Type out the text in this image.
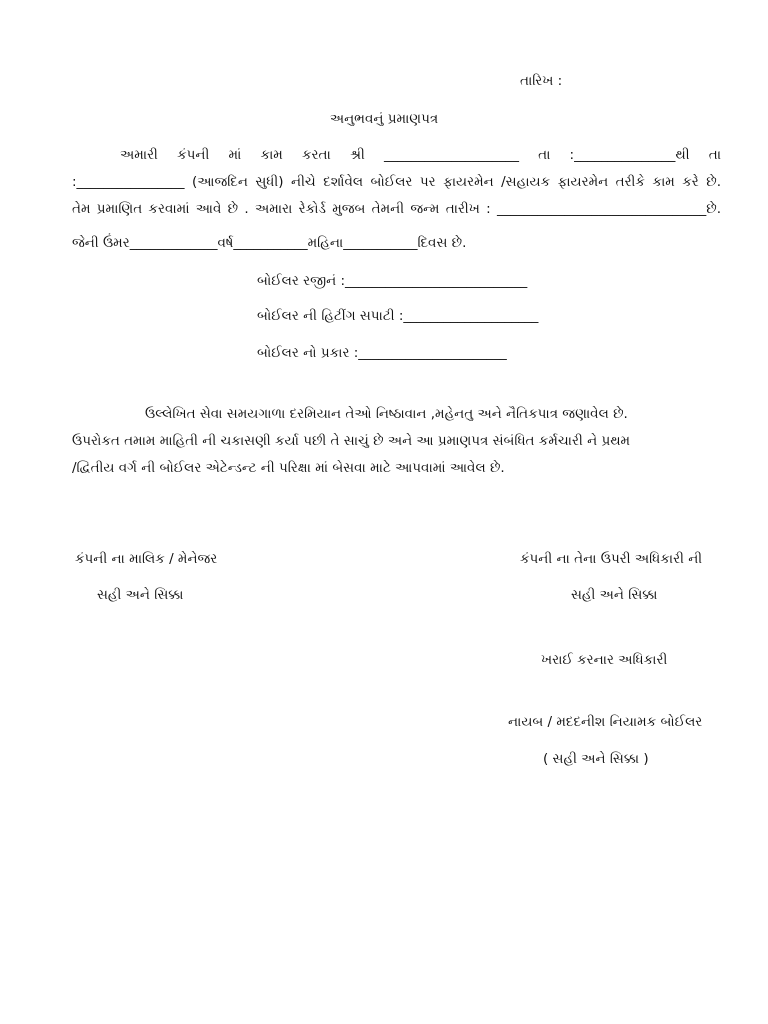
તારિખ :

અનુભવનું પ્રમાણપત્ર

અમારી કંપની માં કામ કરતા શ્રી ____________________ તા :_______________થી તા

:________________ (આજદિન સુધી) નીચે દર્શાવેલ બોઈલર પર ફાયરમેન /સહાયક ફાયરમેન તરીકે કામ કરે છે.

તેમ પ્રમાણિત કરવામાં આવે છે . અમારા રેકોર્ડ મુજબ તેમની જન્મ તારીખ : _______________________________છે.

જેની ઉંમર_____________વર્ષ___________મહિના___________દિવસ છે.

બોઈલર રજીનં :___________________________

બોઈલર ની હિટીંગ સપાટી :____________________

બોઈલર નો પ્રકાર :______________________

ઉલ્લેખિત સેવા સમયગાળા દરમિયાન તેઓ નિષ્ઠાવાન ,મહેનતુ અને નૈતિકપાત્ર જણાવેલ છે.

ઉપરોકત તમામ માહિતી ની ચકાસણી કર્યા પછી તે સાચું છે અને આ પ્રમાણપત્ર સંબંધિત કર્મચારી ને પ્રથમ

/દ્વિતીય વર્ગ ની બોઈલર એટેન્ડન્ટ ની પરિક્ષા માં બેસવા માટે આપવામાં આવેલ છે.

કંપની ના માલિક / મેનેજર

સહી અને સિક્કા

કંપની ના તેના ઉપરી અધિકારી ની

સહી અને સિક્કા

ખરાઈ કરનાર અધિકારી

નાયબ / મદદનીશ નિયામક બોઈલર

( સહી અને સિક્કા )
